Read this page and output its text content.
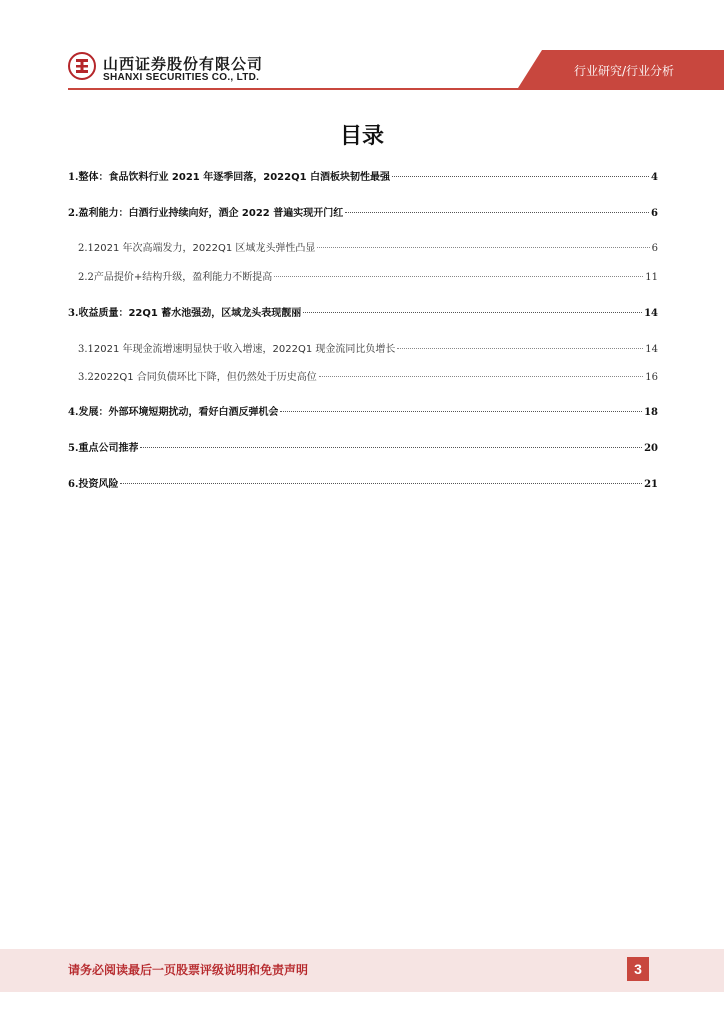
山西证券股份有限公司
SHANXI SECURITIES CO., LTD.	行业研究/行业分析
目录
1. 整体：食品饮料行业 2021 年逐季回落，2022Q1 白酒板块韧性最强	4
2. 盈利能力：白酒行业持续向好，酒企 2022 普遍实现开门红	6
2.1 2021 年次高端发力，2022Q1 区域龙头弹性凸显	6
2.2 产品提价+结构升级，盈利能力不断提高	11
3. 收益质量：22Q1 蓄水池强劲，区域龙头表现靓丽	14
3.1 2021 年现金流增速明显快于收入增速，2022Q1 现金流同比负增长	14
3.2 2022Q1 合同负债环比下降，但仍然处于历史高位	16
4. 发展：外部环境短期扰动，看好白酒反弹机会	18
5. 重点公司推荐	20
6. 投资风险	21
请务必阅读最后一页股票评级说明和免责声明	3
